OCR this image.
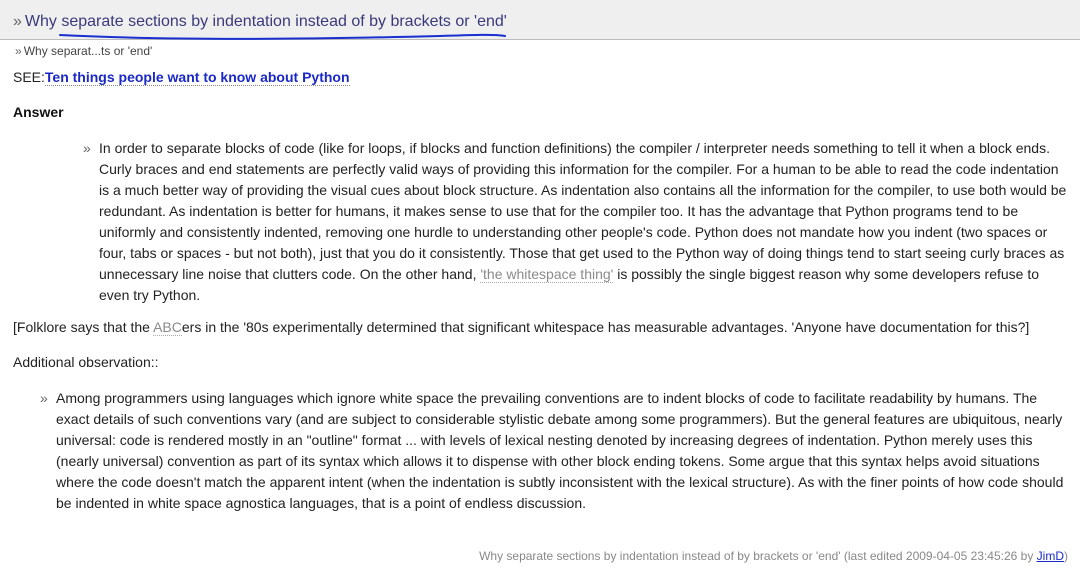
» Why separate sections by indentation instead of by brackets or 'end'
» Why separat...ts or 'end'
SEE:Ten things people want to know about Python
Answer
» In order to separate blocks of code (like for loops, if blocks and function definitions) the compiler / interpreter needs something to tell it when a block ends. Curly braces and end statements are perfectly valid ways of providing this information for the compiler. For a human to be able to read the code indentation is a much better way of providing the visual cues about block structure. As indentation also contains all the information for the compiler, to use both would be redundant. As indentation is better for humans, it makes sense to use that for the compiler too. It has the advantage that Python programs tend to be uniformly and consistently indented, removing one hurdle to understanding other people's code. Python does not mandate how you indent (two spaces or four, tabs or spaces - but not both), just that you do it consistently. Those that get used to the Python way of doing things tend to start seeing curly braces as unnecessary line noise that clutters code. On the other hand, 'the whitespace thing' is possibly the single biggest reason why some developers refuse to even try Python.
[Folklore says that the ABCers in the '80s experimentally determined that significant whitespace has measurable advantages. 'Anyone have documentation for this?]
Additional observation::
» Among programmers using languages which ignore white space the prevailing conventions are to indent blocks of code to facilitate readability by humans. The exact details of such conventions vary (and are subject to considerable stylistic debate among some programmers). But the general features are ubiquitous, nearly universal: code is rendered mostly in an "outline" format ... with levels of lexical nesting denoted by increasing degrees of indentation. Python merely uses this (nearly universal) convention as part of its syntax which allows it to dispense with other block ending tokens. Some argue that this syntax helps avoid situations where the code doesn't match the apparent intent (when the indentation is subtly inconsistent with the lexical structure). As with the finer points of how code should be indented in white space agnostica languages, that is a point of endless discussion.
Why separate sections by indentation instead of by brackets or 'end' (last edited 2009-04-05 23:45:26 by JimD)
